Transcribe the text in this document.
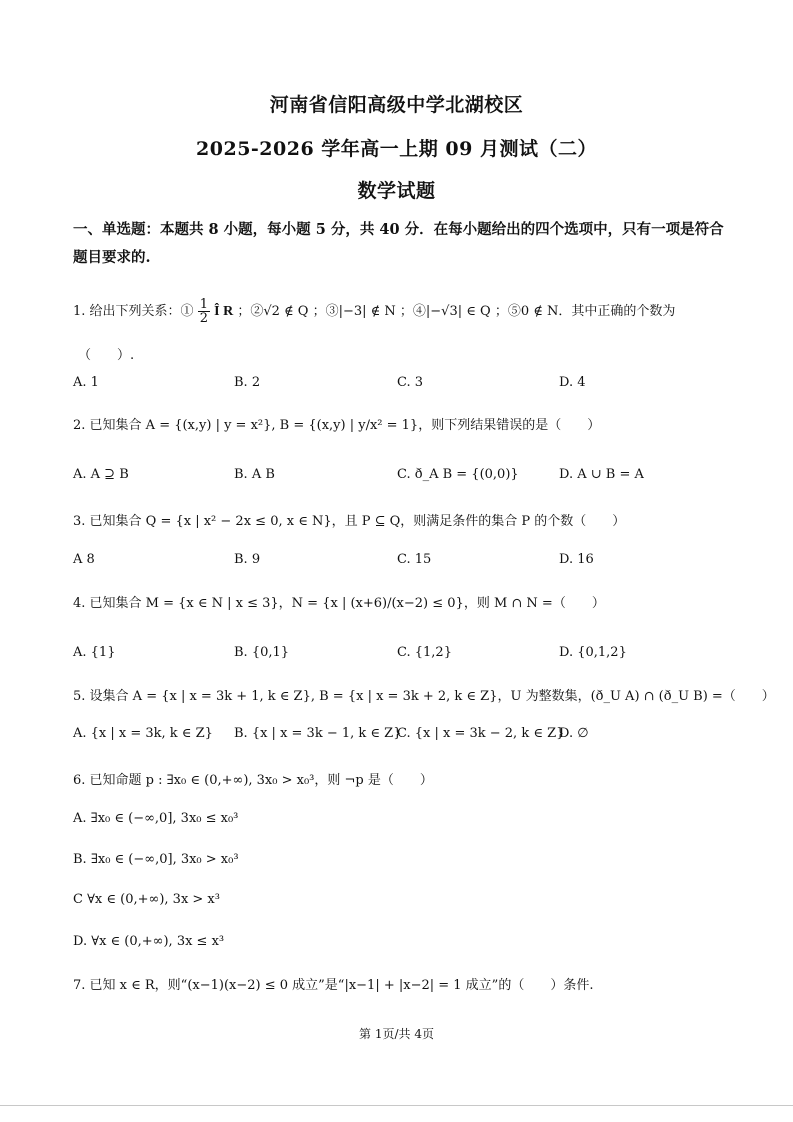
河南省信阳高级中学北湖校区
2025-2026 学年高一上期 09 月测试（二）
数学试题
一、单选题：本题共 8 小题，每小题 5 分，共 40 分．在每小题给出的四个选项中，只有一项是符合题目要求的.
1. 给出下列关系：① $\frac{1}{2}$ Î R ；②√2 ∉ Q ；③|−3| ∉ N ；④|−√3| ∈ Q ；⑤0 ∉ N．其中正确的个数为
（　　）.
A. 1	B. 2	C. 3	D. 4
2. 已知集合 A = {(x,y) | y = x²}, B = {(x,y) | y/x² = 1}，则下列结果错误的是（　　）
A. A ⊇ B	B. A B	C. ð_A B = {(0,0)}	D. A ∪ B = A
3. 已知集合 Q = {x | x² − 2x ≤ 0, x ∈ N}，且 P ⊆ Q，则满足条件的集合 P 的个数（　　）
A 8	B. 9	C. 15	D. 16
4. 已知集合 M = {x ∈ N | x ≤ 3}，N = {x | (x+6)/(x−2) ≤ 0}，则 M ∩ N =（　　）
A. {1}	B. {0,1}	C. {1,2}	D. {0,1,2}
5. 设集合 A = {x | x = 3k + 1, k ∈ Z}, B = {x | x = 3k + 2, k ∈ Z}，U 为整数集，(ð_U A) ∩ (ð_U B) =（　　）
A. {x | x = 3k, k ∈ Z} B. {x | x = 3k − 1, k ∈ Z}
C. {x | x = 3k − 2, k ∈ Z}
D. ∅
6. 已知命题 p : ∃x₀ ∈ (0,+∞), 3x₀ > x₀³，则 ¬p 是（　　）
A. ∃x₀ ∈ (−∞,0], 3x₀ ≤ x₀³
B. ∃x₀ ∈ (−∞,0], 3x₀ > x₀³
C ∀x ∈ (0,+∞), 3x > x³
D. ∀x ∈ (0,+∞), 3x ≤ x³
7. 已知 x ∈ R，则“(x−1)(x−2) ≤ 0 成立”是“|x−1| + |x−2| = 1 成立”的（　　）条件.
第 1页/共 4页
